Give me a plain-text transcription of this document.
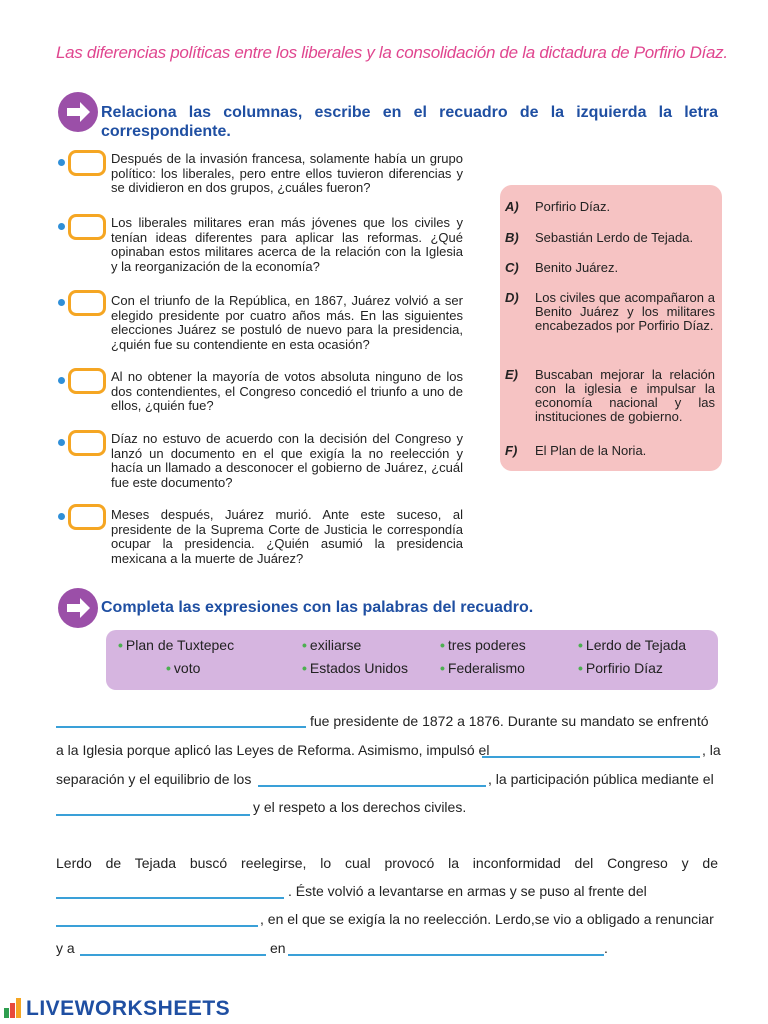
Las diferencias políticas entre los liberales y la consolidación de la dictadura de Porfirio Díaz.
Relaciona las columnas, escribe en el recuadro de la izquierda la letra correspondiente.
Después de la invasión francesa, solamente había un grupo político: los liberales, pero entre ellos tuvieron diferencias y se dividieron en dos grupos, ¿cuáles fueron?
Los liberales militares eran más jóvenes que los civiles y tenían ideas diferentes para aplicar las reformas. ¿Qué opinaban estos militares acerca de la relación con la Iglesia y la reorganización de la economía?
Con el triunfo de la República, en 1867, Juárez volvió a ser elegido presidente por cuatro años más. En las siguientes elecciones Juárez se postuló de nuevo para la presidencia, ¿quién fue su contendiente en esta ocasión?
Al no obtener la mayoría de votos absoluta ninguno de los dos contendientes, el Congreso concedió el triunfo a uno de ellos, ¿quién fue?
Díaz no estuvo de acuerdo con la decisión del Congreso y lanzó un documento en el que exigía la no reelección y hacía un llamado a desconocer el gobierno de Juárez, ¿cuál fue este documento?
Meses después, Juárez murió. Ante este suceso, al presidente de la Suprema Corte de Justicia le correspondía ocupar la presidencia. ¿Quién asumió la presidencia mexicana a la muerte de Juárez?
A) Porfirio Díaz.
B) Sebastián Lerdo de Tejada.
C) Benito Juárez.
D) Los civiles que acompañaron a Benito Juárez y los militares encabezados por Porfirio Díaz.
E) Buscaban mejorar la relación con la iglesia e impulsar la economía nacional y las instituciones de gobierno.
F) El Plan de la Noria.
Completa las expresiones con las palabras del recuadro.
• Plan de Tuxtepec	• exiliarse	• tres poderes	• Lerdo de Tejada
• voto	• Estados Unidos • Federalismo	• Porfirio Díaz
fue presidente de 1872 a 1876. Durante su mandato se enfrentó
a la Iglesia porque aplicó las Leyes de Reforma. Asimismo, impulsó el	, la
separación y el equilibrio de los	, la participación pública mediante el
y el respeto a los derechos civiles.
Lerdo de Tejada buscó reelegirse, lo cual provocó la inconformidad del Congreso y de
. Éste volvió a levantarse en armas y se puso al frente del
, en el que se exigía la no reelección. Lerdo,se vio a obligado a renunciar
y a	en	.
LIVEWORKSHEETS
